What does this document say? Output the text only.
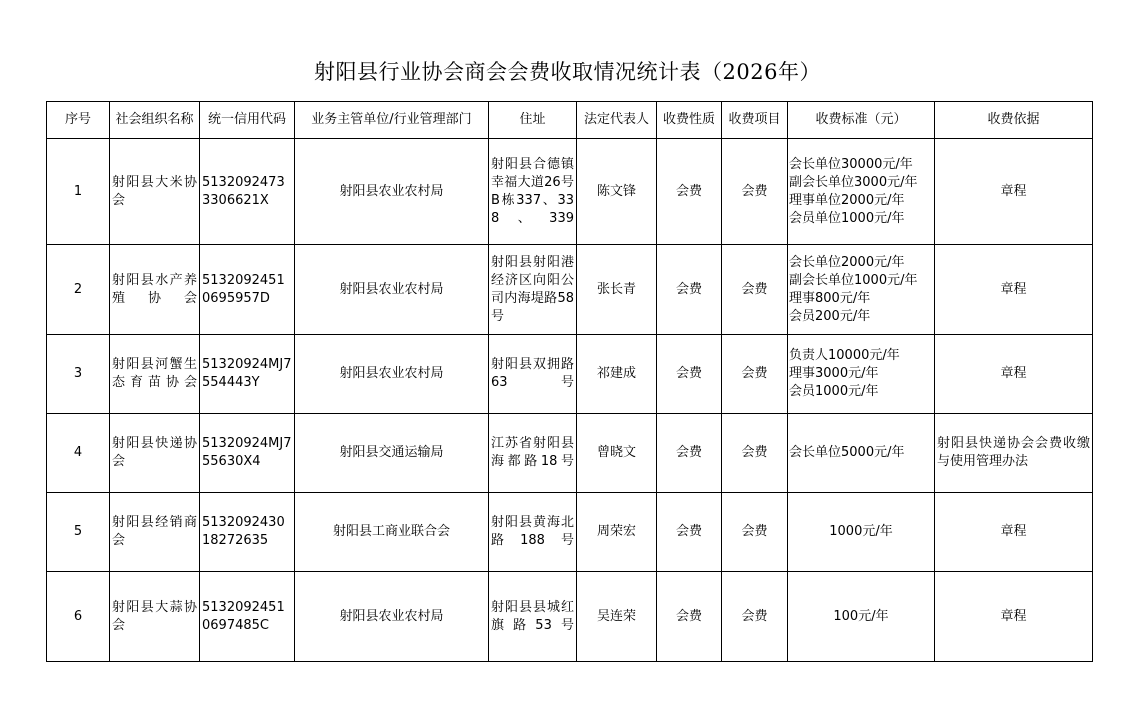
射阳县行业协会商会会费收取情况统计表（2026年）
序号	社会组织名称	统一信用代码	业务主管单位/行业管理部门	住址	法定代表人	收费性质	收费项目	收费标准（元）	收费依据
1	射阳县大米协会	51320924733306621X	射阳县农业农村局	射阳县合德镇幸福大道26号B栋337、338、339	陈文锋	会费	会费	会长单位30000元/年
副会长单位3000元/年
理事单位2000元/年
会员单位1000元/年	章程
2	射阳县水产养殖协会	51320924510695957D	射阳县农业农村局	射阳县射阳港经济区向阳公司内海堤路58号	张长青	会费	会费	会长单位2000元/年
副会长单位1000元/年
理事800元/年
会员200元/年	章程
3	射阳县河蟹生态育苗协会	51320924MJ7554443Y	射阳县农业农村局	射阳县双拥路63号	祁建成	会费	会费	负责人10000元/年
理事3000元/年
会员1000元/年	章程
4	射阳县快递协会	51320924MJ755630X4	射阳县交通运输局	江苏省射阳县海都路18号	曾晓文	会费	会费	会长单位5000元/年	射阳县快递协会会费收缴与使用管理办法
5	射阳县经销商会	513209243018272635	射阳县工商业联合会	射阳县黄海北路188号	周荣宏	会费	会费	1000元/年	章程
6	射阳县大蒜协会	51320924510697485C	射阳县农业农村局	射阳县县城红旗路53号	吴连荣	会费	会费	100元/年	章程
